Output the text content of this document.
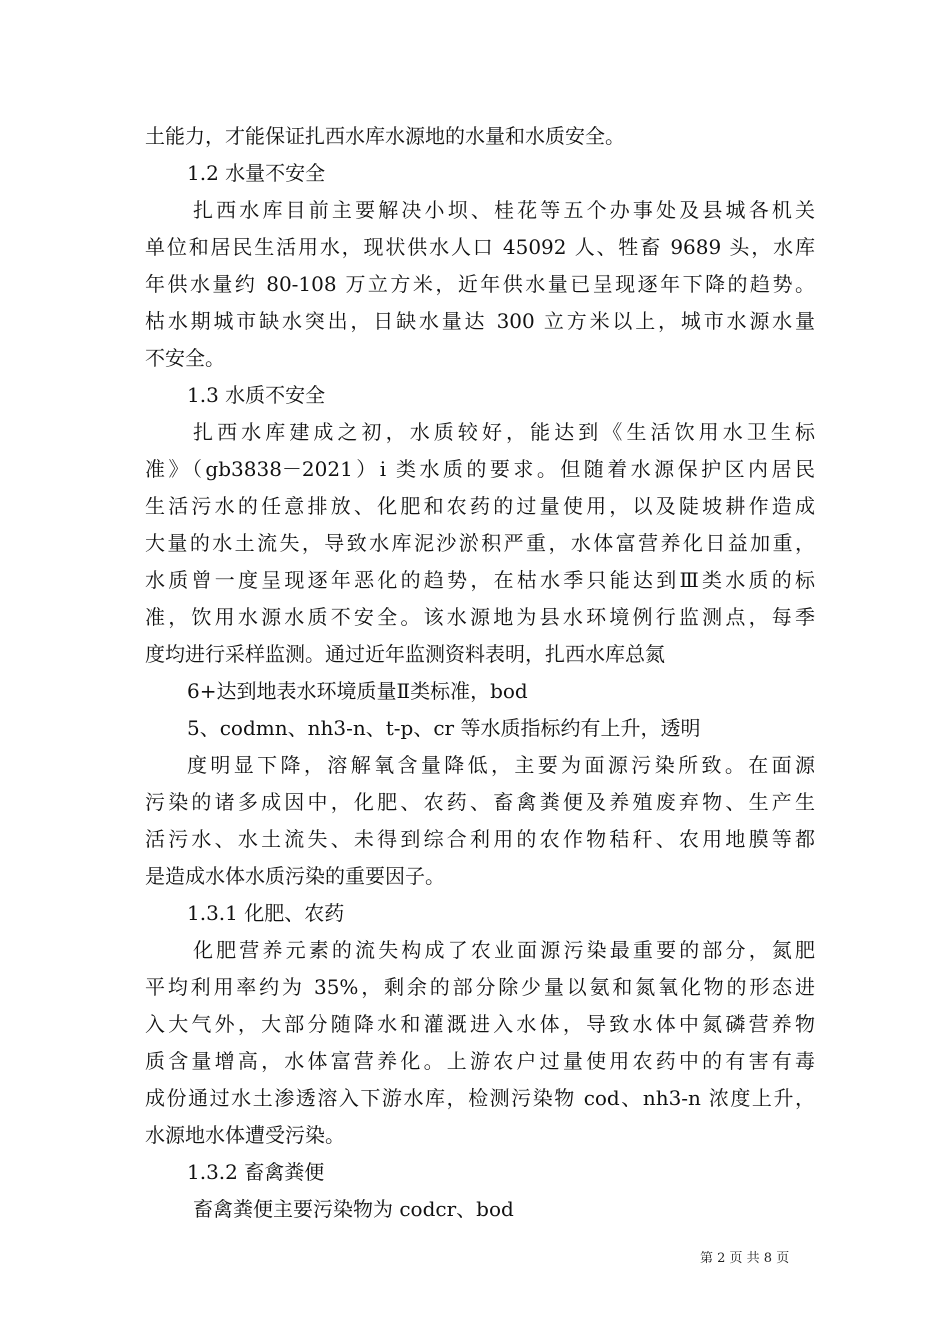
土能力，才能保证扎西水库水源地的水量和水质安全。
1.2 水量不安全
扎西水库目前主要解决小坝、桂花等五个办事处及县城各机关
单位和居民生活用水，现状供水人口 45092 人、牲畜 9689 头，水库
年供水量约 80-108 万立方米，近年供水量已呈现逐年下降的趋势。
枯水期城市缺水突出，日缺水量达 300 立方米以上，城市水源水量
不安全。
1.3 水质不安全
扎西水库建成之初，水质较好，能达到《生活饮用水卫生标
准》（gb3838－2021）i 类水质的要求。但随着水源保护区内居民
生活污水的任意排放、化肥和农药的过量使用，以及陡坡耕作造成
大量的水土流失，导致水库泥沙淤积严重，水体富营养化日益加重，
水质曾一度呈现逐年恶化的趋势，在枯水季只能达到Ⅲ类水质的标
准，饮用水源水质不安全。该水源地为县水环境例行监测点，每季
度均进行采样监测。通过近年监测资料表明，扎西水库总氮
6+达到地表水环境质量Ⅱ类标准，bod
5、codmn、nh3-n、t-p、cr 等水质指标约有上升，透明
度明显下降，溶解氧含量降低，主要为面源污染所致。在面源
污染的诸多成因中，化肥、农药、畜禽粪便及养殖废弃物、生产生
活污水、水土流失、未得到综合利用的农作物秸秆、农用地膜等都
是造成水体水质污染的重要因子。
1.3.1 化肥、农药
化肥营养元素的流失构成了农业面源污染最重要的部分，氮肥
平均利用率约为 35%，剩余的部分除少量以氨和氮氧化物的形态进
入大气外，大部分随降水和灌溉进入水体，导致水体中氮磷营养物
质含量增高，水体富营养化。上游农户过量使用农药中的有害有毒
成份通过水土渗透溶入下游水库，检测污染物 cod、nh3-n 浓度上升，
水源地水体遭受污染。
1.3.2 畜禽粪便
畜禽粪便主要污染物为 codcr、bod
第 2 页 共 8 页
